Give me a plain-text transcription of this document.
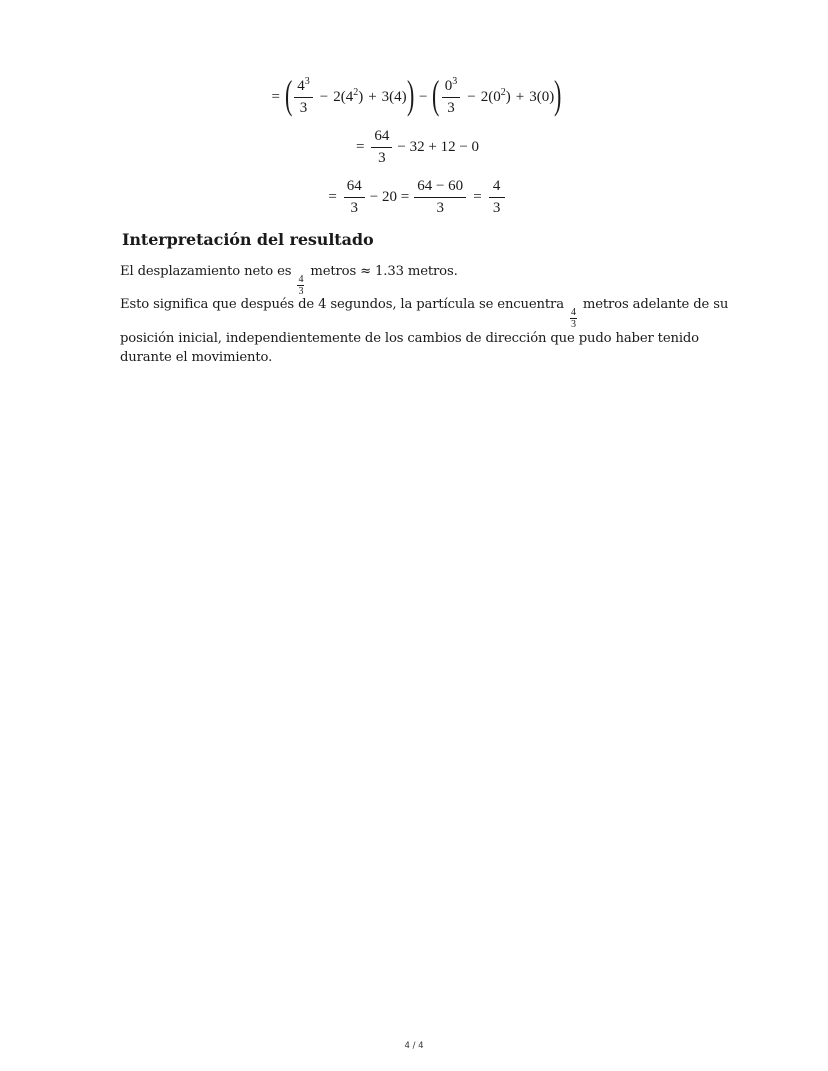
= ( $\frac{4^3}{3} - 2(4^2) + 3(4)$ ) − ( $\frac{0^3}{3} - 2(0^2) + 3(0)$ )
= $\frac{64}{3} - 32 + 12 - 0$
= $\frac{64}{3} - 20 = \frac{64 - 60}{3} = \frac{4}{3}$
Interpretación del resultado

El desplazamiento neto es
$\frac{4}{3}$
metros ≈ 1.33 metros.

Esto significa que después de 4 segundos, la partícula se encuentra
$\frac{4}{3}$
metros adelante de su posición inicial, independientemente de los cambios de dirección que pudo haber tenido durante el movimiento.

4 / 4
